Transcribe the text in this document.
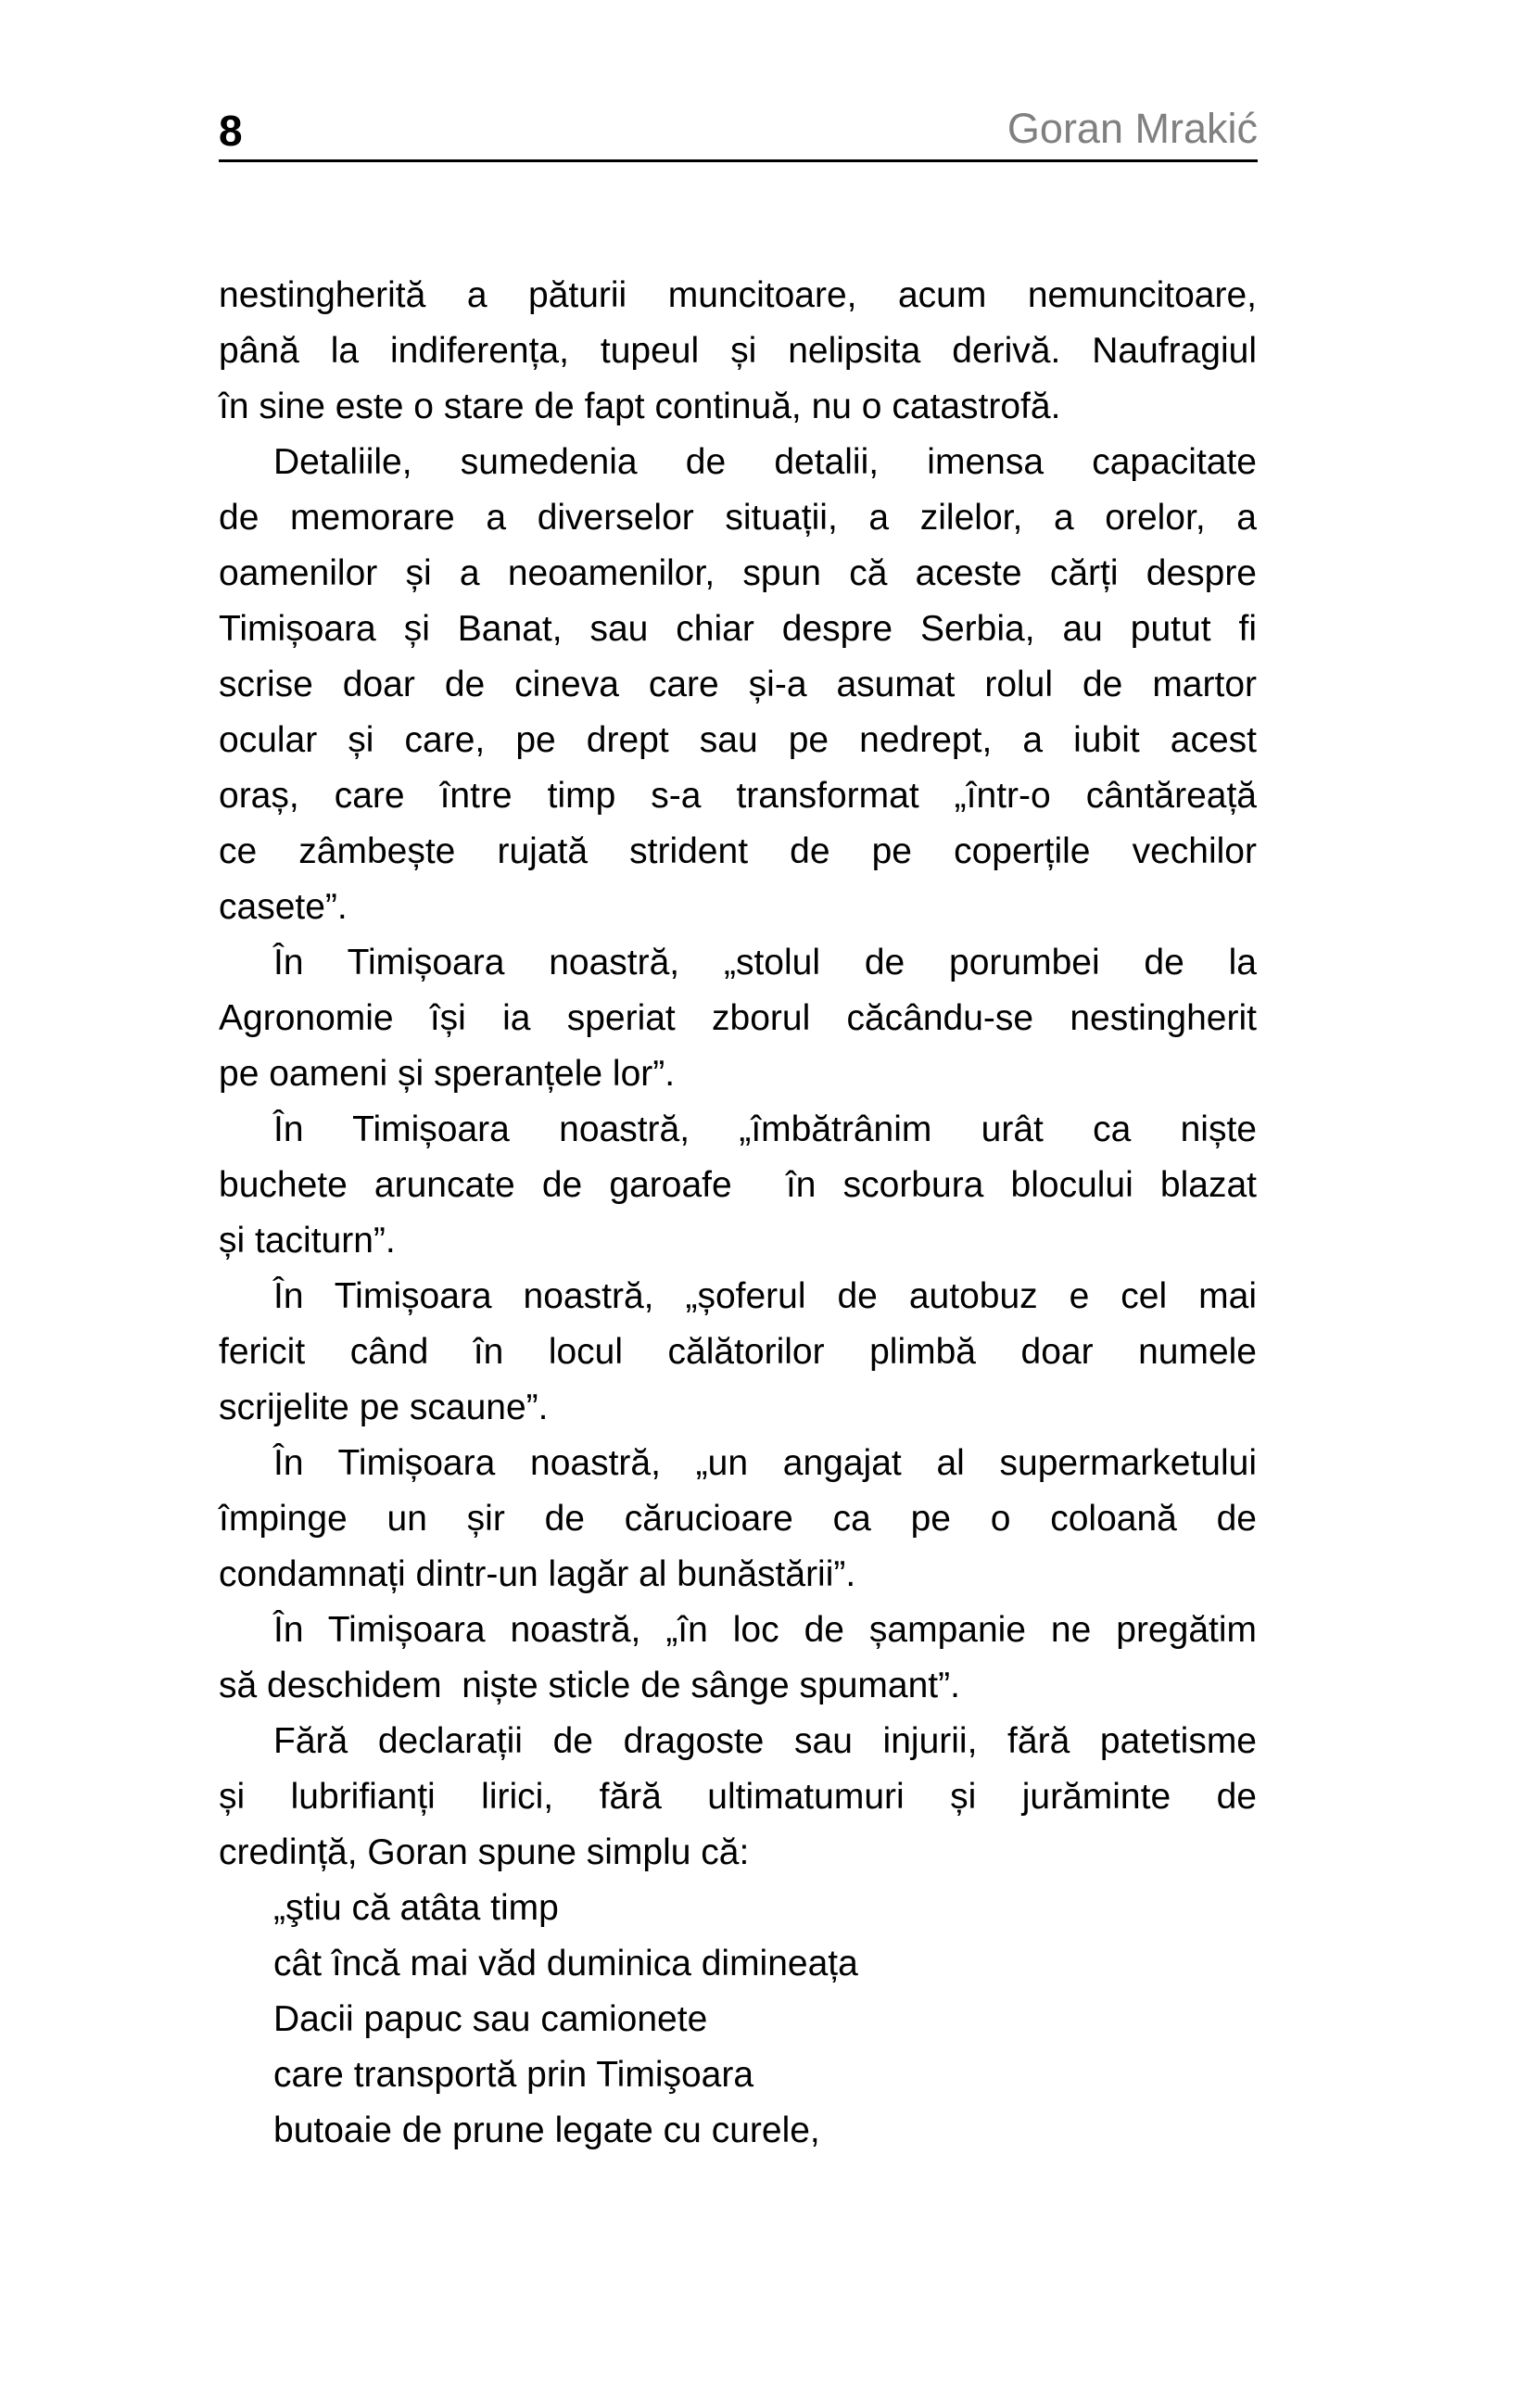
8	Goran Mrakić
nestingherită a păturii muncitoare, acum nemuncitoare,
până la indiferența, tupeul și nelipsita derivă. Naufragiul
în sine este o stare de fapt continuă, nu o catastrofă.
Detaliile, sumedenia de detalii, imensa capacitate
de memorare a diverselor situații, a zilelor, a orelor, a
oamenilor și a neoamenilor, spun că aceste cărți despre
Timișoara și Banat, sau chiar despre Serbia, au putut fi
scrise doar de cineva care și-a asumat rolul de martor
ocular și care, pe drept sau pe nedrept, a iubit acest
oraș, care între timp s-a transformat „într-o cântăreață
ce zâmbește rujată strident de pe coperțile vechilor
casete”.
În Timișoara noastră, „stolul de porumbei de la
Agronomie își ia speriat zborul căcându-se nestingherit
pe oameni și speranțele lor”.
În Timișoara noastră, „îmbătrânim urât ca niște
buchete aruncate de garoafe  în scorbura blocului blazat
și taciturn”.
În Timișoara noastră, „șoferul de autobuz e cel mai
fericit când în locul călătorilor plimbă doar numele
scrijelite pe scaune”.
În Timișoara noastră, „un angajat al supermarketului
împinge un șir de cărucioare ca pe o coloană de
condamnați dintr-un lagăr al bunăstării”.
În Timișoara noastră, „în loc de șampanie ne pregătim
să deschidem  niște sticle de sânge spumant”.
Fără declarații de dragoste sau injurii, fără patetisme
și lubrifianți lirici, fără ultimatumuri și jurăminte de
credință, Goran spune simplu că:
„ştiu că atâta timp
cât încă mai văd duminica dimineața
Dacii papuc sau camionete
care transportă prin Timişoara
butoaie de prune legate cu curele,
